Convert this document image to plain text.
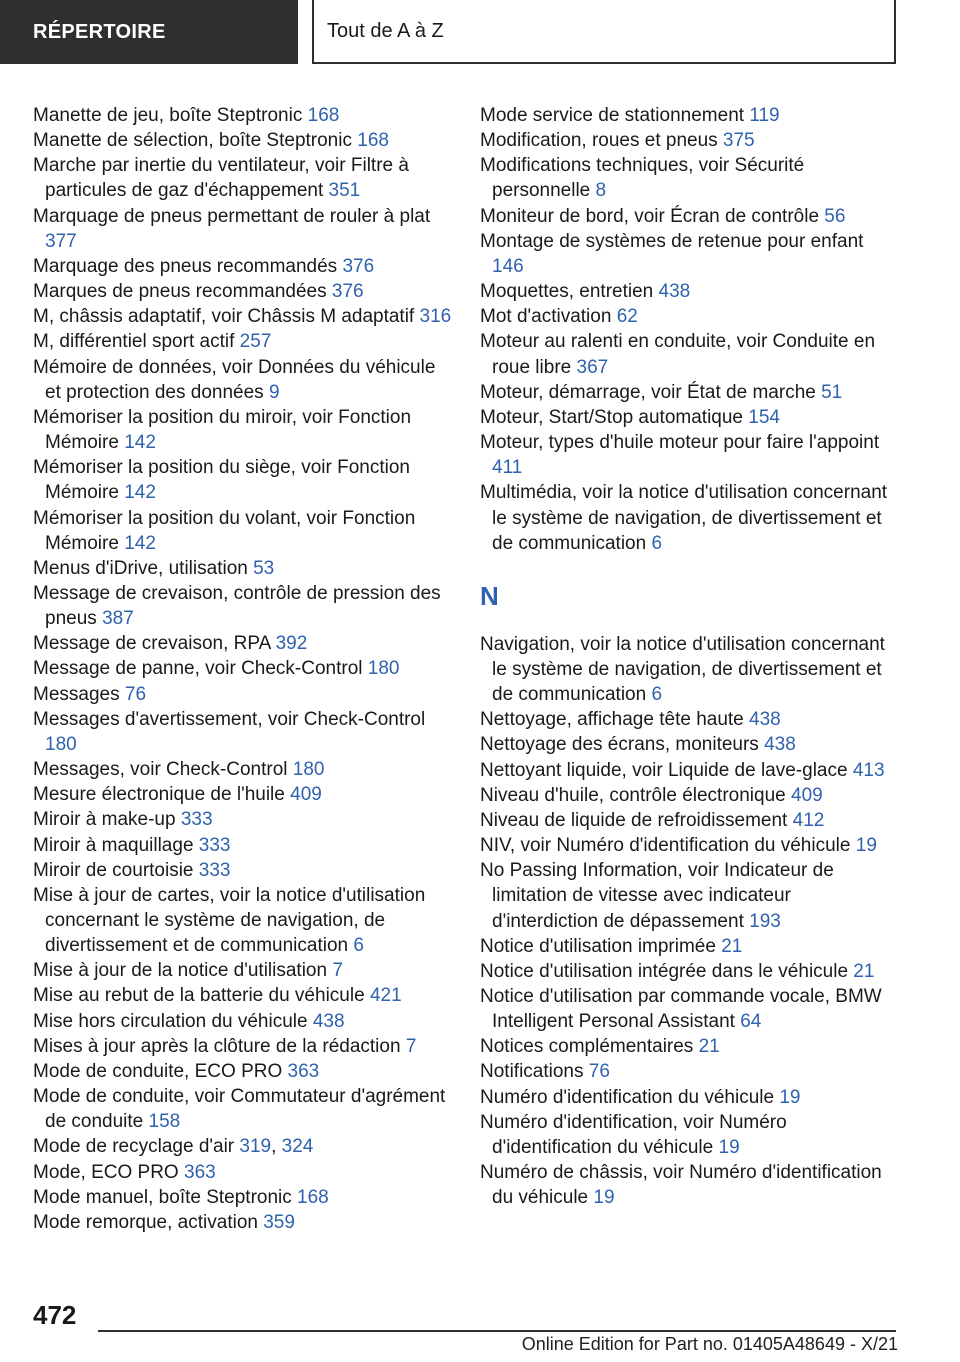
RÉPERTOIRE	Tout de A à Z

Manette de jeu, boîte Steptronic 168

Manette de sélection, boîte Steptronic 168

Marche par inertie du ventilateur, voir Filtre à particules de gaz d'échappement 351

Marquage de pneus permettant de rouler à plat 377

Marquage des pneus recommandés 376

Marques de pneus recommandées 376

M, châssis adaptatif, voir Châssis M adaptatif 316

M, différentiel sport actif 257

Mémoire de données, voir Données du véhicule et protection des données 9

Mémoriser la position du miroir, voir Fonction Mémoire 142

Mémoriser la position du siège, voir Fonction Mémoire 142

Mémoriser la position du volant, voir Fonction Mémoire 142

Menus d'iDrive, utilisation 53

Message de crevaison, contrôle de pression des pneus 387

Message de crevaison, RPA 392

Message de panne, voir Check-Control 180

Messages 76

Messages d'avertissement, voir Check-Control 180

Messages, voir Check-Control 180

Mesure électronique de l'huile 409

Miroir à make-up 333

Miroir à maquillage 333

Miroir de courtoisie 333

Mise à jour de cartes, voir la notice d'utilisation concernant le système de navigation, de divertissement et de communication 6

Mise à jour de la notice d'utilisation 7

Mise au rebut de la batterie du véhicule 421

Mise hors circulation du véhicule 438

Mises à jour après la clôture de la rédaction 7

Mode de conduite, ECO PRO 363

Mode de conduite, voir Commutateur d'agrément de conduite 158

Mode de recyclage d'air 319, 324

Mode, ECO PRO 363

Mode manuel, boîte Steptronic 168

Mode remorque, activation 359

Mode service de stationnement 119

Modification, roues et pneus 375

Modifications techniques, voir Sécurité personnelle 8

Moniteur de bord, voir Écran de contrôle 56

Montage de systèmes de retenue pour enfant 146

Moquettes, entretien 438

Mot d'activation 62

Moteur au ralenti en conduite, voir Conduite en roue libre 367

Moteur, démarrage, voir État de marche 51

Moteur, Start/Stop automatique 154

Moteur, types d'huile moteur pour faire l'appoint 411

Multimédia, voir la notice d'utilisation concernant le système de navigation, de divertissement et de communication 6

N

Navigation, voir la notice d'utilisation concernant le système de navigation, de divertissement et de communication 6

Nettoyage, affichage tête haute 438

Nettoyage des écrans, moniteurs 438

Nettoyant liquide, voir Liquide de lave-glace 413

Niveau d'huile, contrôle électronique 409

Niveau de liquide de refroidissement 412

NIV, voir Numéro d'identification du véhicule 19

No Passing Information, voir Indicateur de limitation de vitesse avec indicateur d'interdiction de dépassement 193

Notice d'utilisation imprimée 21

Notice d'utilisation intégrée dans le véhicule 21

Notice d'utilisation par commande vocale, BMW Intelligent Personal Assistant 64

Notices complémentaires 21

Notifications 76

Numéro d'identification du véhicule 19

Numéro d'identification, voir Numéro d'identification du véhicule 19

Numéro de châssis, voir Numéro d'identification du véhicule 19

472
Online Edition for Part no. 01405A48649 - X/21
